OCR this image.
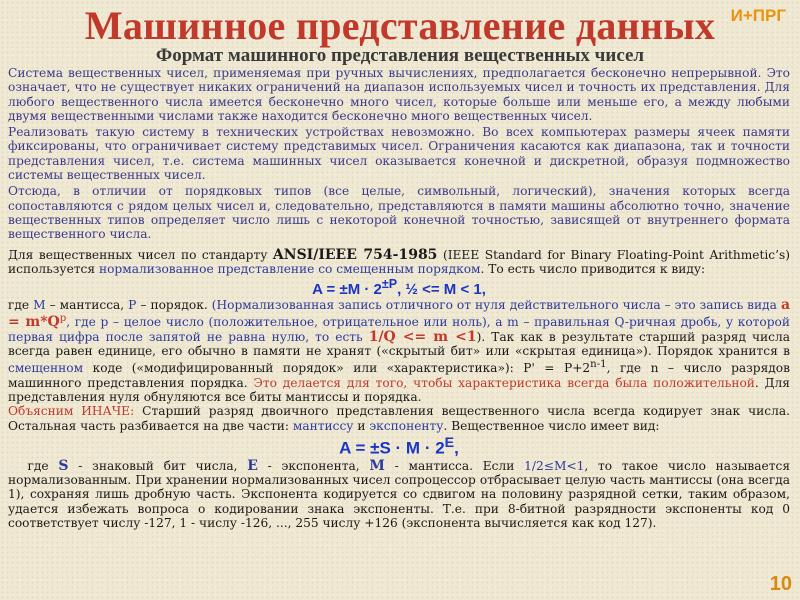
Машинное представление данных И+ПРГ
Формат машинного представления вещественных чисел

Система вещественных чисел, применяемая при ручных вычислениях, предполагается бесконечно непрерывной. Это означает, что не существует никаких ограничений на диапазон используемых чисел и точность их представления. Для любого вещественного числа имеется бесконечно много чисел, которые больше или меньше его, а между любыми двумя вещественными числами также находится бесконечно много вещественных чисел.

Реализовать такую систему в технических устройствах невозможно. Во всех компьютерах размеры ячеек памяти фиксированы, что ограничивает систему представимых чисел. Ограничения касаются как диапазона, так и точности представления чисел, т.е. система машинных чисел оказывается конечной и дискретной, образуя подмножество системы вещественных чисел.

Отсюда, в отличии от порядковых типов (все целые, символьный, логический), значения которых всегда сопоставляются с рядом целых чисел и, следовательно, представляются в памяти машины абсолютно точно, значение вещественных типов определяет число лишь с некоторой конечной точностью, зависящей от внутреннего формата вещественного числа.

Для вещественных чисел по стандарту ANSI/IEEE 754-1985 (IEEE Standard for Binary Floating-Point Arithmetic’s) используется нормализованное представление со смещенным порядком. То есть число приводится к виду:

$A = \pm M \cdot 2^{\pm P}$, ½ <= M < 1,

где M – мантисса, P – порядок. (Нормализованная запись отличного от нуля действительного числа – это запись вида $a = m*Q^p$, где p – целое число (положительное, отрицательное или ноль), а m – правильная Q-ричная дробь, у которой первая цифра после запятой не равна нулю, то есть 1/Q <= m <1). Так как в результате старший разряд числа всегда равен единице, его обычно в памяти не хранят («скрытый бит» или «скрытая единица»). Порядок хранится в смещенном коде («модифицированный порядок» или «характеристика»): $P' = P+2^{n-1}$, где n – число разрядов машинного представления порядка. Это делается для того, чтобы характеристика всегда была положительной. Для представления нуля обнуляются все биты мантиссы и порядка.

Объясним ИНАЧЕ: Старший разряд двоичного представления вещественного числа всегда кодирует знак числа. Остальная часть разбивается на две части: мантиссу и экспоненту. Вещественное число имеет вид:

$A = \pm S \cdot M \cdot 2^E$,

где S - знаковый бит числа, E - экспонента, M - мантисса. Если 1/2≤M<1, то такое число называется нормализованным. При хранении нормализованных чисел сопроцессор отбрасывает целую часть мантиссы (она всегда 1), сохраняя лишь дробную часть. Экспонента кодируется со сдвигом на половину разрядной сетки, таким образом, удается избежать вопроса о кодировании знака экспоненты. Т.е. при 8-битной разрядности экспоненты код 0 соответствует числу -127, 1 - числу -126, ..., 255 числу +126 (экспонента вычисляется как код 127).

10
